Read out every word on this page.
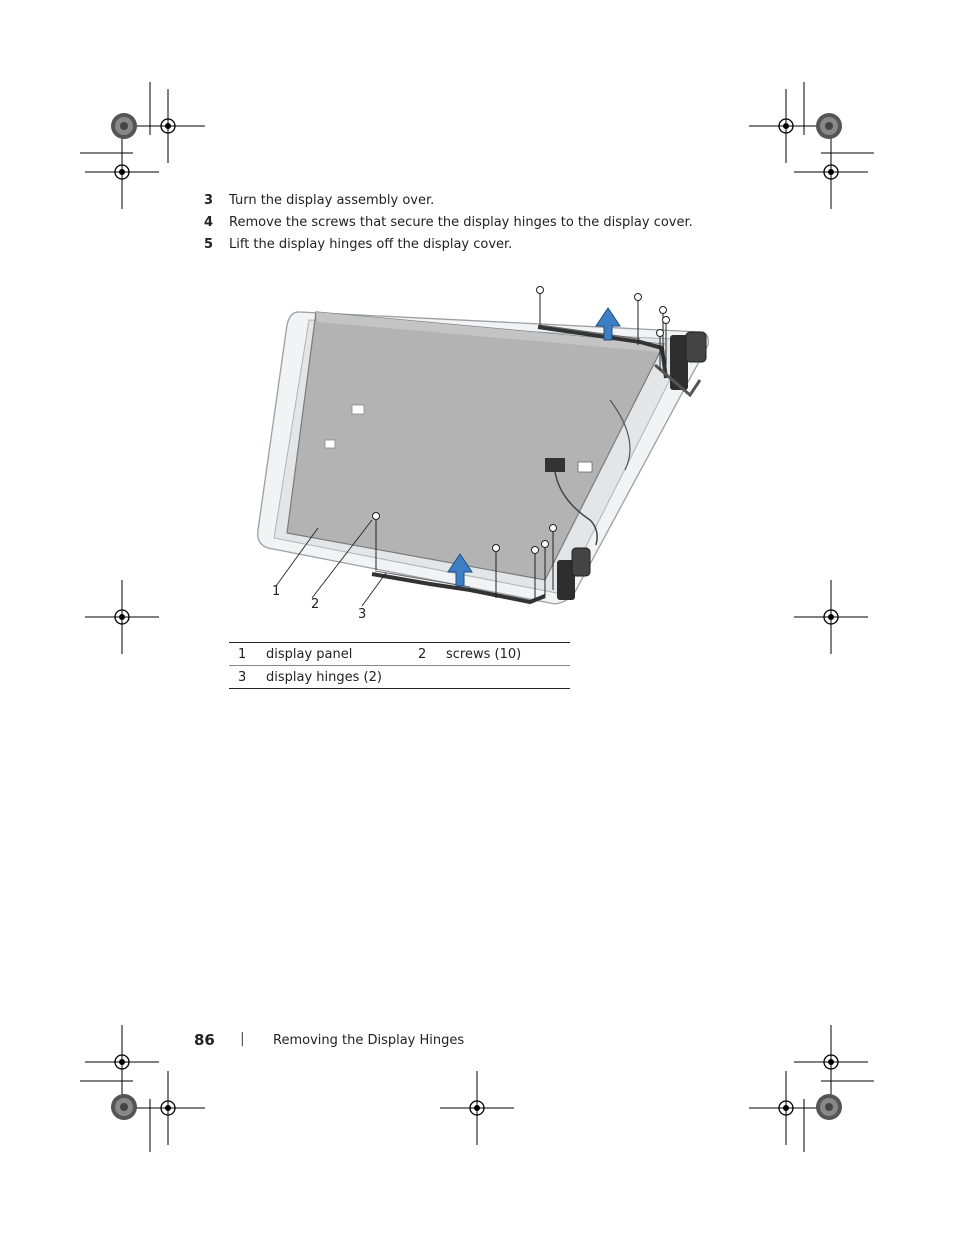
3 Turn the display assembly over.
4 Remove the screws that secure the display hinges to the display cover.
5 Lift the display hinges off the display cover.
1
2
3
1	display panel	2	screws (10)
3	display hinges (2)		
86 | Removing the Display Hinges
